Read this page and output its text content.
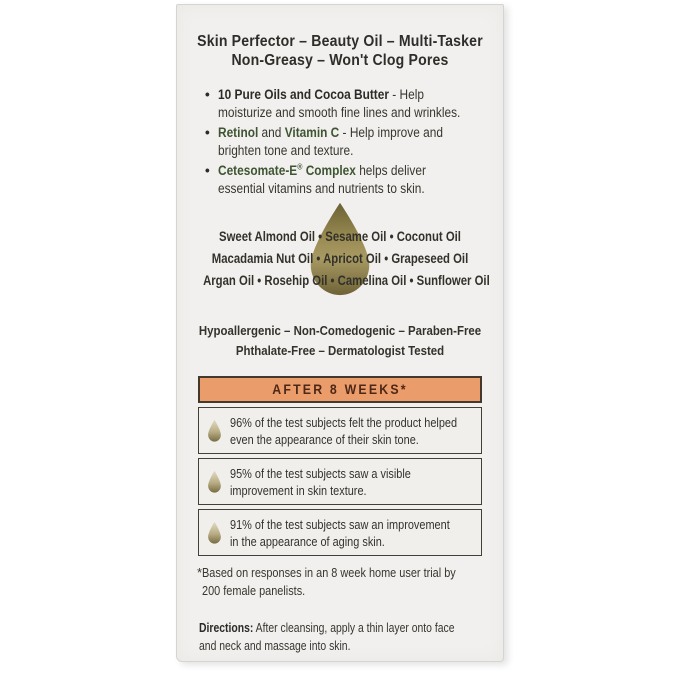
Skin Perfector – Beauty Oil – Multi-Tasker
Non-Greasy – Won't Clog Pores
• 10 Pure Oils and Cocoa Butter - Help
moisturize and smooth fine lines and wrinkles.
• Retinol and Vitamin C - Help improve and
brighten tone and texture.
• Cetesomate-E® Complex helps deliver
essential vitamins and nutrients to skin.
Sweet Almond Oil • Sesame Oil • Coconut Oil
Macadamia Nut Oil • Apricot Oil • Grapeseed Oil
Argan Oil • Rosehip Oil • Camelina Oil • Sunflower Oil
Hypoallergenic – Non-Comedogenic – Paraben-Free
Phthalate-Free – Dermatologist Tested
AFTER 8 WEEKS*
96% of the test subjects felt the product helped
even the appearance of their skin tone.
95% of the test subjects saw a visible
improvement in skin texture.
91% of the test subjects saw an improvement
in the appearance of aging skin.
* Based on responses in an 8 week home user trial by
200 female panelists.
Directions: After cleansing, apply a thin layer onto face
and neck and massage into skin.
